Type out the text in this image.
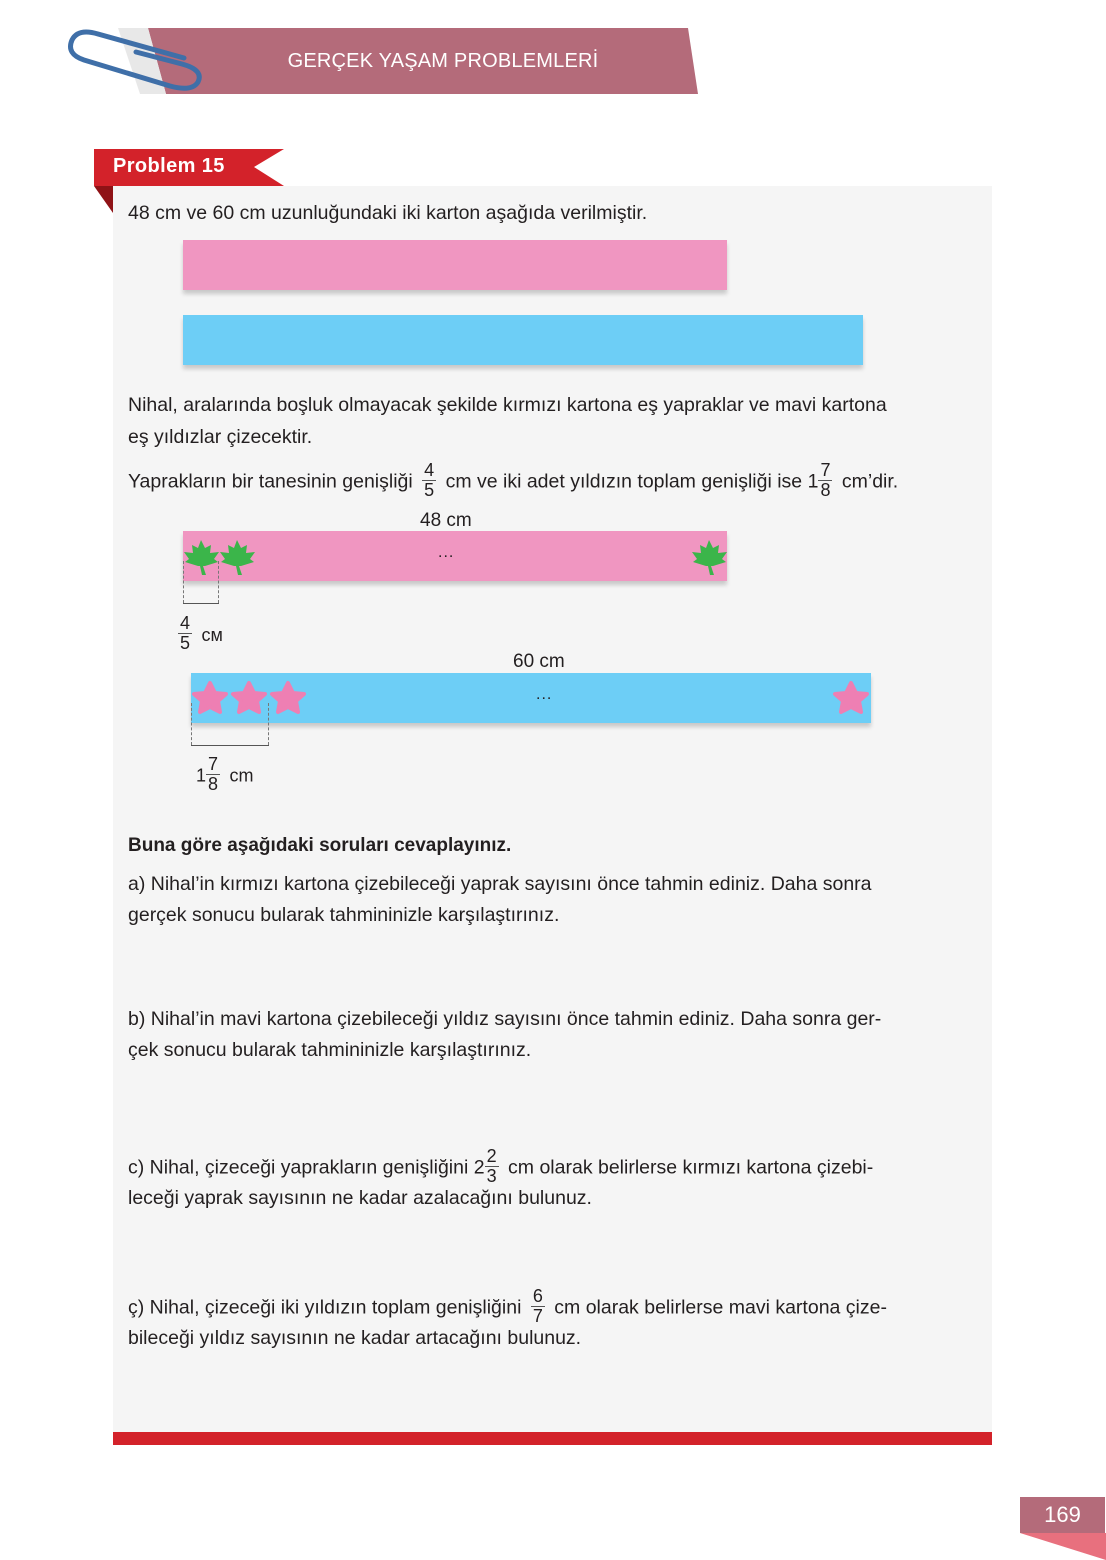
GERÇEK YAŞAM PROBLEMLERİ
Problem 15
48 cm ve 60 cm uzunluğundaki iki karton aşağıda verilmiştir.
Nihal, aralarında boşluk olmayacak şekilde kırmızı kartona eş yapraklar ve mavi kartona
eş yıldızlar çizecektir.
Yaprakların bir tanesinin genişliği $\frac{4}{5}$ cm ve iki adet yıldızın toplam genişliği ise $1 \frac{7}{8}$ cm’dir.
48 cm
...
$\frac{4}{5}$ cм
60 cm
...
$1 \frac{7}{8}$ cm
Buna göre aşağıdaki soruları cevaplayınız.
a) Nihal’in kırmızı kartona çizebileceği yaprak sayısını önce tahmin ediniz. Daha sonra
gerçek sonucu bularak tahmininizle karşılaştırınız.
b) Nihal’in mavi kartona çizebileceği yıldız sayısını önce tahmin ediniz. Daha sonra ger-
çek sonucu bularak tahmininizle karşılaştırınız.
c) Nihal, çizeceği yaprakların genişliğini $2 \frac{2}{3}$ cm olarak belirlerse kırmızı kartona çizebi-
leceği yaprak sayısının ne kadar azalacağını bulunuz.
ç) Nihal, çizeceği iki yıldızın toplam genişliğini $\frac{6}{7}$ cm olarak belirlerse mavi kartona çize-
bileceği yıldız sayısının ne kadar artacağını bulunuz.
169
